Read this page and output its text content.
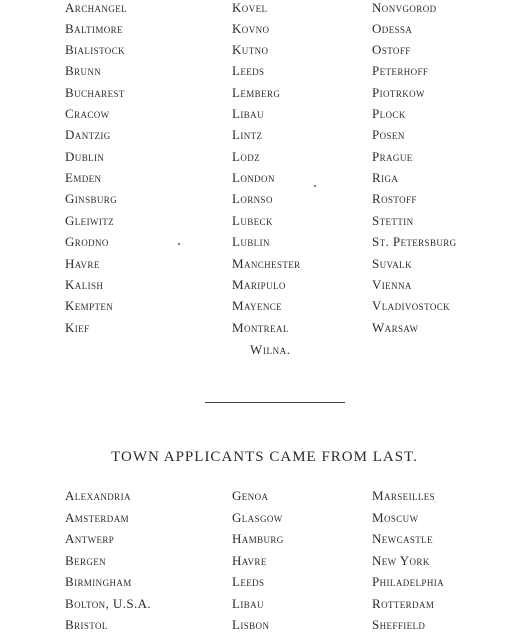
Archangel
Baltimore
Bialistock
Brunn
Bucharest
Cracow
Dantzig
Dublin
Emden
Ginsburg
Gleiwitz
Grodno
Havre
Kalish
Kempten
Kief
Kovel
Kovno
Kutno
Leeds
Lemberg
Libau
Lintz
Lodz
London
Lornso
Lubeck
Lublin
Manchester
Maripulo
Mayence
Montreal
Nonvgorod
Odessa
Ostoff
Peterhoff
Piotrkow
Plock
Posen
Prague
Riga
Rostoff
Stettin
St. Petersburg
Suvalk
Vienna
Vladivostock
Warsaw
Wilna.
TOWN APPLICANTS CAME FROM LAST.
Alexandria
Amsterdam
Antwerp
Bergen
Birmingham
Bolton, U.S.A.
Bristol
Genoa
Glasgow
Hamburg
Havre
Leeds
Libau
Lisbon
Marseilles
Moscuw
Newcastle
New York
Philadelphia
Rotterdam
Sheffield
